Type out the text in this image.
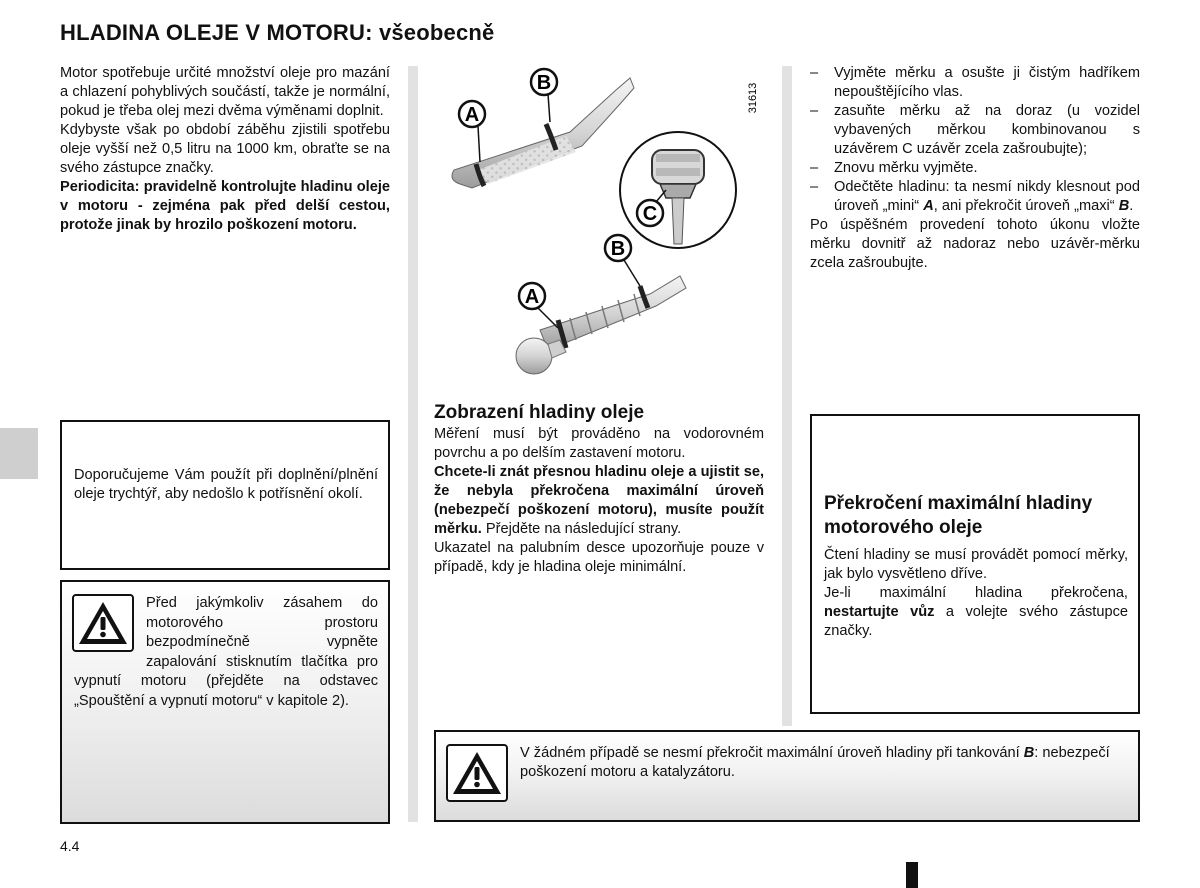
HLADINA OLEJE V MOTORU: všeobecně

Motor spotřebuje určité množství oleje pro mazání a chlazení pohyblivých součástí, takže je normální, pokud je třeba olej mezi dvěma výměnami doplnit.

Kdybyste však po období záběhu zjistili spotřebu oleje vyšší než 0,5 litru na 1000 km, obraťte se na svého zástupce značky.

Periodicita: pravidelně kontrolujte hladinu oleje v motoru - zejména pak před delší cestou, protože jinak by hrozilo poškození motoru.

Doporučujeme Vám použít při doplnění/plnění oleje trychtýř, aby nedošlo k potřísnění okolí.
Před jakýmkoliv zásahem do motorového prostoru bezpodmínečně vypněte zapalování stisknutím tlačítka pro vypnutí motoru (přejděte na odstavec „Spouštění a vypnutí motoru“ v kapitole 2).
A
B	31613
C
A
B
Zobrazení hladiny oleje

Měření musí být prováděno na vodorovném povrchu a po delším zastavení motoru.

Chcete-li znát přesnou hladinu oleje a ujistit se, že nebyla překročena maximální úroveň (nebezpečí poškození motoru), musíte použít měrku. Přejděte na následující strany.

Ukazatel na palubním desce upozorňuje pouze v případě, kdy je hladina oleje minimální.

– Vyjměte měrku a osušte ji čistým hadříkem nepouštějícího vlas.
– zasuňte měrku až na doraz (u vozidel vybavených měrkou kombinovanou s uzávěrem C uzávěr zcela zašroubujte);
– Znovu měrku vyjměte.
– Odečtěte hladinu: ta nesmí nikdy klesnout pod úroveň „mini“ A, ani překročit úroveň „maxi“ B.

Po úspěšném provedení tohoto úkonu vložte měrku dovnitř až nadoraz nebo uzávěr-měrku zcela zašroubujte.

Překročení maximální hladiny motorového oleje

Čtení hladiny se musí provádět pomocí měrky, jak bylo vysvětleno dříve.

Je-li maximální hladina překročena, nestartujte vůz a volejte svého zástupce značky.

V žádném případě se nesmí překročit maximální úroveň hladiny při tankování B: nebezpečí poškození motoru a katalyzátoru.
4.4
